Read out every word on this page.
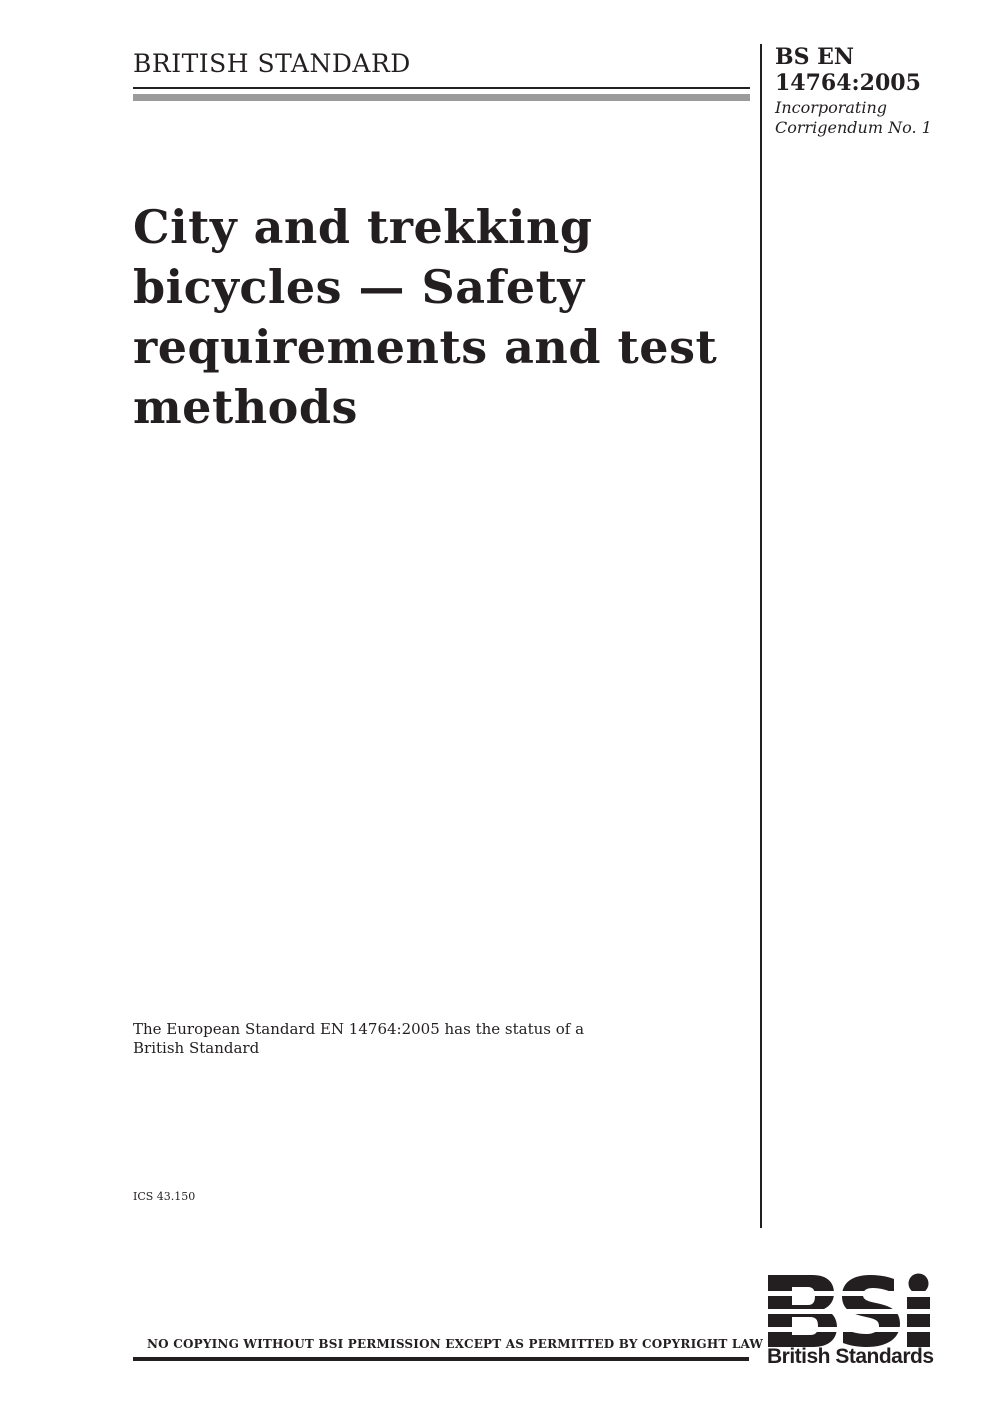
BRITISH STANDARD	BS EN
14764:2005
Incorporating
Corrigendum No. 1
City and trekking
bicycles — Safety
requirements and test
methods
The European Standard EN 14764:2005 has the status of a
British Standard
ICS 43.150
NO COPYING WITHOUT BSI PERMISSION EXCEPT AS PERMITTED BY COPYRIGHT LAW
British Standards
